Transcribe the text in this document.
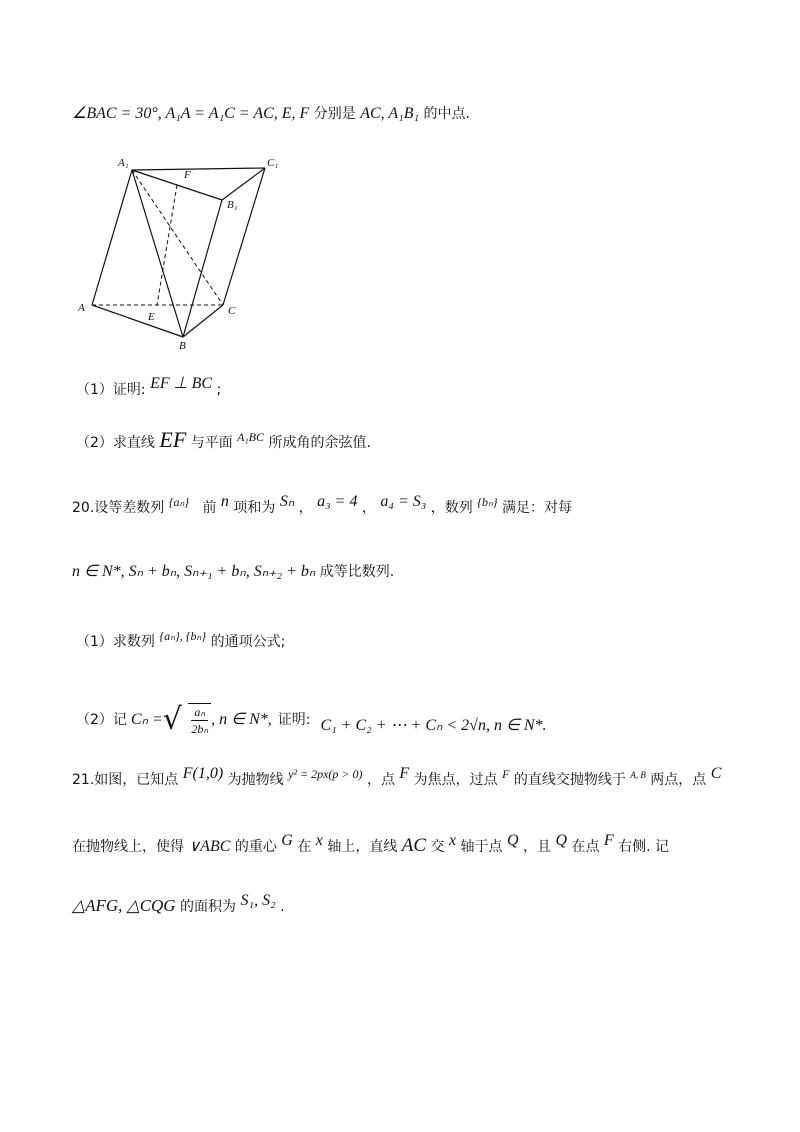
∠BAC = 30°, A₁A = A₁C = AC, E, F 分别是 AC, A₁B₁ 的中点.
A₁	C₁
B₁
F
A
E	C
B
（1）证明: EF ⊥ BC ;
（2）求直线 EF 与平面 A₁BC 所成角的余弦值.
20.设等差数列 {aₙ} 前 n 项和为 Sₙ ， a₃ = 4 ， a₄ = S₃ ，数列 {bₙ} 满足：对每
n ∈ N*, Sₙ + bₙ, Sₙ₊₁ + bₙ, Sₙ₊₂ + bₙ 成等比数列.
（1）求数列 {aₙ}, {bₙ} 的通项公式;
（2）记 Cₙ = √ $\frac{\text{aₙ}}{\text{2bₙ}}$ , n ∈ N*, 证明: C₁ + C₂ + ⋯ + Cₙ < 2√n, n ∈ N*.
21.如图，已知点 F(1,0) 为抛物线 y² = 2px(p > 0) ，点 F 为焦点，过点 F 的直线交抛物线于 $^{A, B}$ 两点，点 C
在抛物线上，使得 ∨ABC 的重心 G 在 x 轴上，直线 AC 交 x 轴于点 Q ，且 Q 在点 F 右侧. 记
△AFG, △CQG 的面积为 S₁, S₂ .
